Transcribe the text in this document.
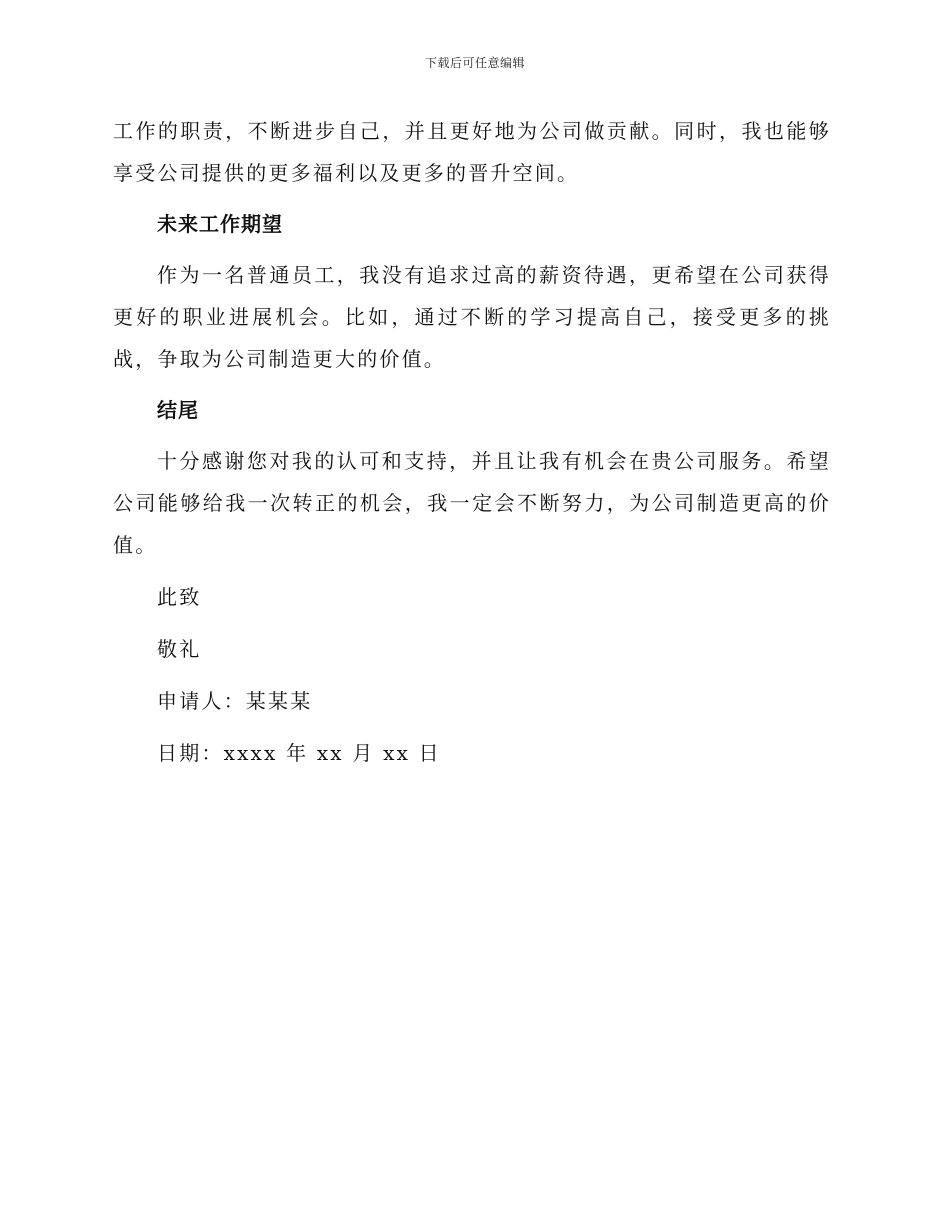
下载后可任意编辑

工作的职责，不断进步自己，并且更好地为公司做贡献。同时，我也能够享受公司提供的更多福利以及更多的晋升空间。

未来工作期望

作为一名普通员工，我没有追求过高的薪资待遇，更希望在公司获得更好的职业进展机会。比如，通过不断的学习提高自己，接受更多的挑战，争取为公司制造更大的价值。

结尾

十分感谢您对我的认可和支持，并且让我有机会在贵公司服务。希望公司能够给我一次转正的机会，我一定会不断努力，为公司制造更高的价值。

此致

敬礼

申请人：某某某

日期：xxxx 年 xx 月 xx 日
